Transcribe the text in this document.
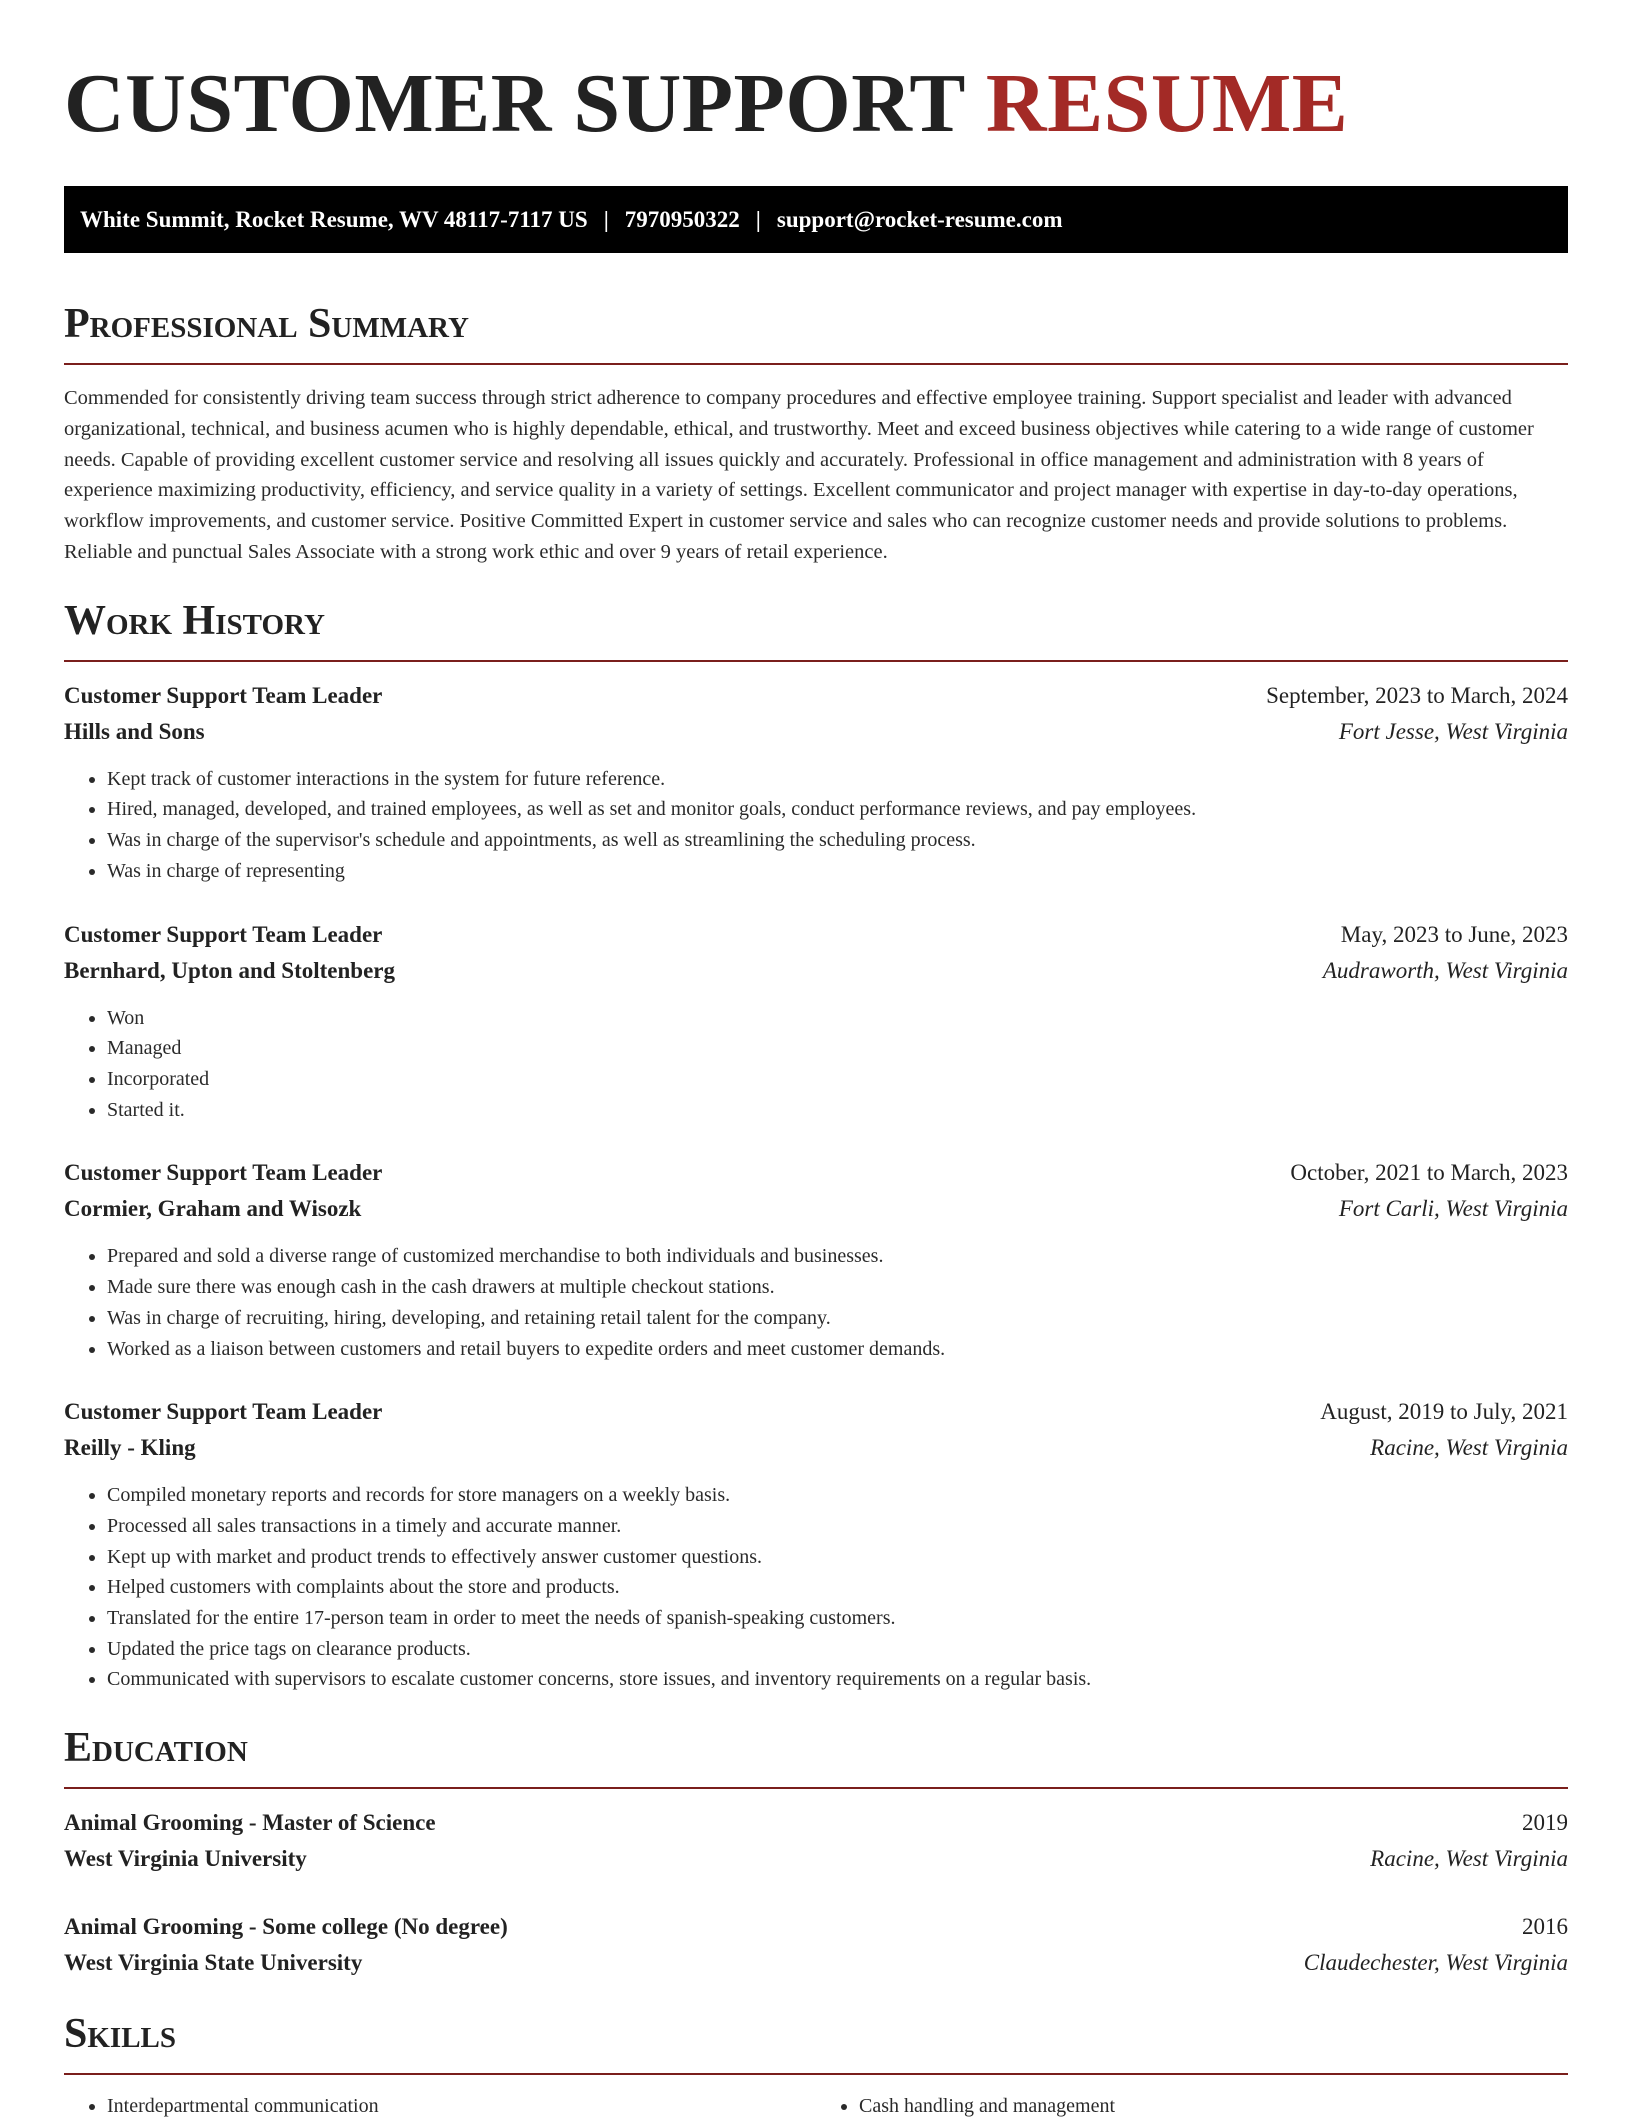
CUSTOMER SUPPORT RESUME
White Summit, Rocket Resume, WV 48117-7117 US | 7970950322 | support@rocket-resume.com
Professional Summary

Commended for consistently driving team success through strict adherence to company procedures and effective employee training. Support specialist and leader with advanced organizational, technical, and business acumen who is highly dependable, ethical, and trustworthy. Meet and exceed business objectives while catering to a wide range of customer needs. Capable of providing excellent customer service and resolving all issues quickly and accurately. Professional in office management and administration with 8 years of experience maximizing productivity, efficiency, and service quality in a variety of settings. Excellent communicator and project manager with expertise in day-to-day operations, workflow improvements, and customer service. Positive Committed Expert in customer service and sales who can recognize customer needs and provide solutions to problems. Reliable and punctual Sales Associate with a strong work ethic and over 9 years of retail experience.

Work History
Customer Support Team Leader	September, 2023 to March, 2024
Hills and Sons	Fort Jesse, West Virginia
• Kept track of customer interactions in the system for future reference.
• Hired, managed, developed, and trained employees, as well as set and monitor goals, conduct performance reviews, and pay employees.
• Was in charge of the supervisor's schedule and appointments, as well as streamlining the scheduling process.
• Was in charge of representing
Customer Support Team Leader	May, 2023 to June, 2023
Bernhard, Upton and Stoltenberg	Audraworth, West Virginia
• Won
• Managed
• Incorporated
• Started it.
Customer Support Team Leader	October, 2021 to March, 2023
Cormier, Graham and Wisozk	Fort Carli, West Virginia
• Prepared and sold a diverse range of customized merchandise to both individuals and businesses.
• Made sure there was enough cash in the cash drawers at multiple checkout stations.
• Was in charge of recruiting, hiring, developing, and retaining retail talent for the company.
• Worked as a liaison between customers and retail buyers to expedite orders and meet customer demands.
Customer Support Team Leader	August, 2019 to July, 2021
Reilly - Kling	Racine, West Virginia
• Compiled monetary reports and records for store managers on a weekly basis.
• Processed all sales transactions in a timely and accurate manner.
• Kept up with market and product trends to effectively answer customer questions.
• Helped customers with complaints about the store and products.
• Translated for the entire 17-person team in order to meet the needs of spanish-speaking customers.
• Updated the price tags on clearance products.
• Communicated with supervisors to escalate customer concerns, store issues, and inventory requirements on a regular basis.
Education
Animal Grooming - Master of Science	2019
West Virginia University	Racine, West Virginia
Animal Grooming - Some college (No degree)	2016
West Virginia State University	Claudechester, West Virginia
Skills
• Interdepartmental communication
•	Cash handling and management
